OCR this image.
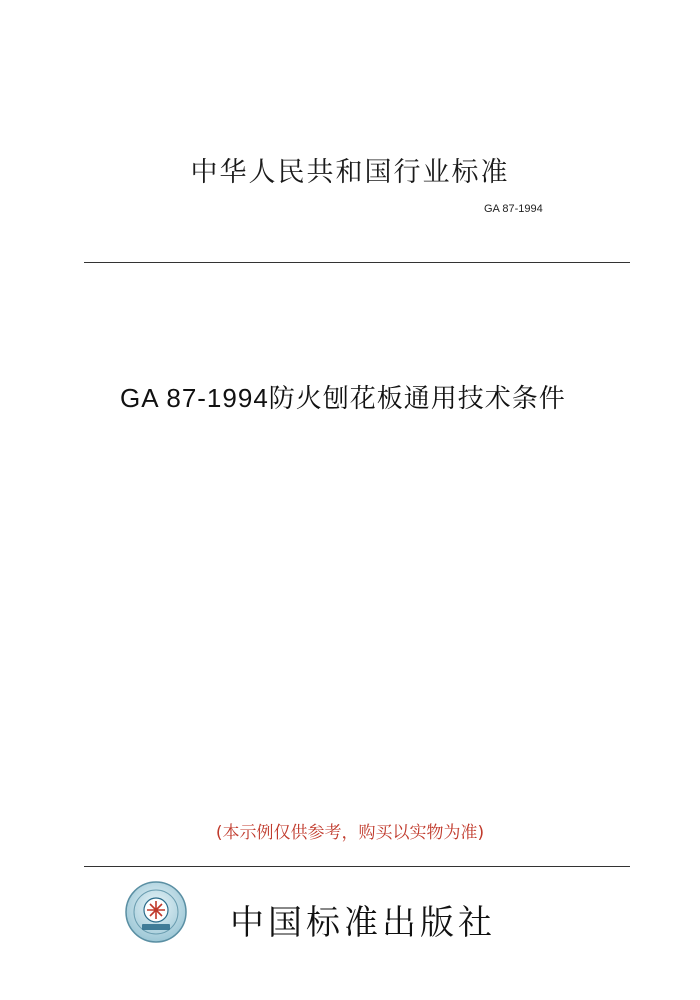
中华人民共和国行业标准
GA 87-1994
GA 87-1994防火刨花板通用技术条件
(本示例仅供参考，购买以实物为准)
中国标准出版社
